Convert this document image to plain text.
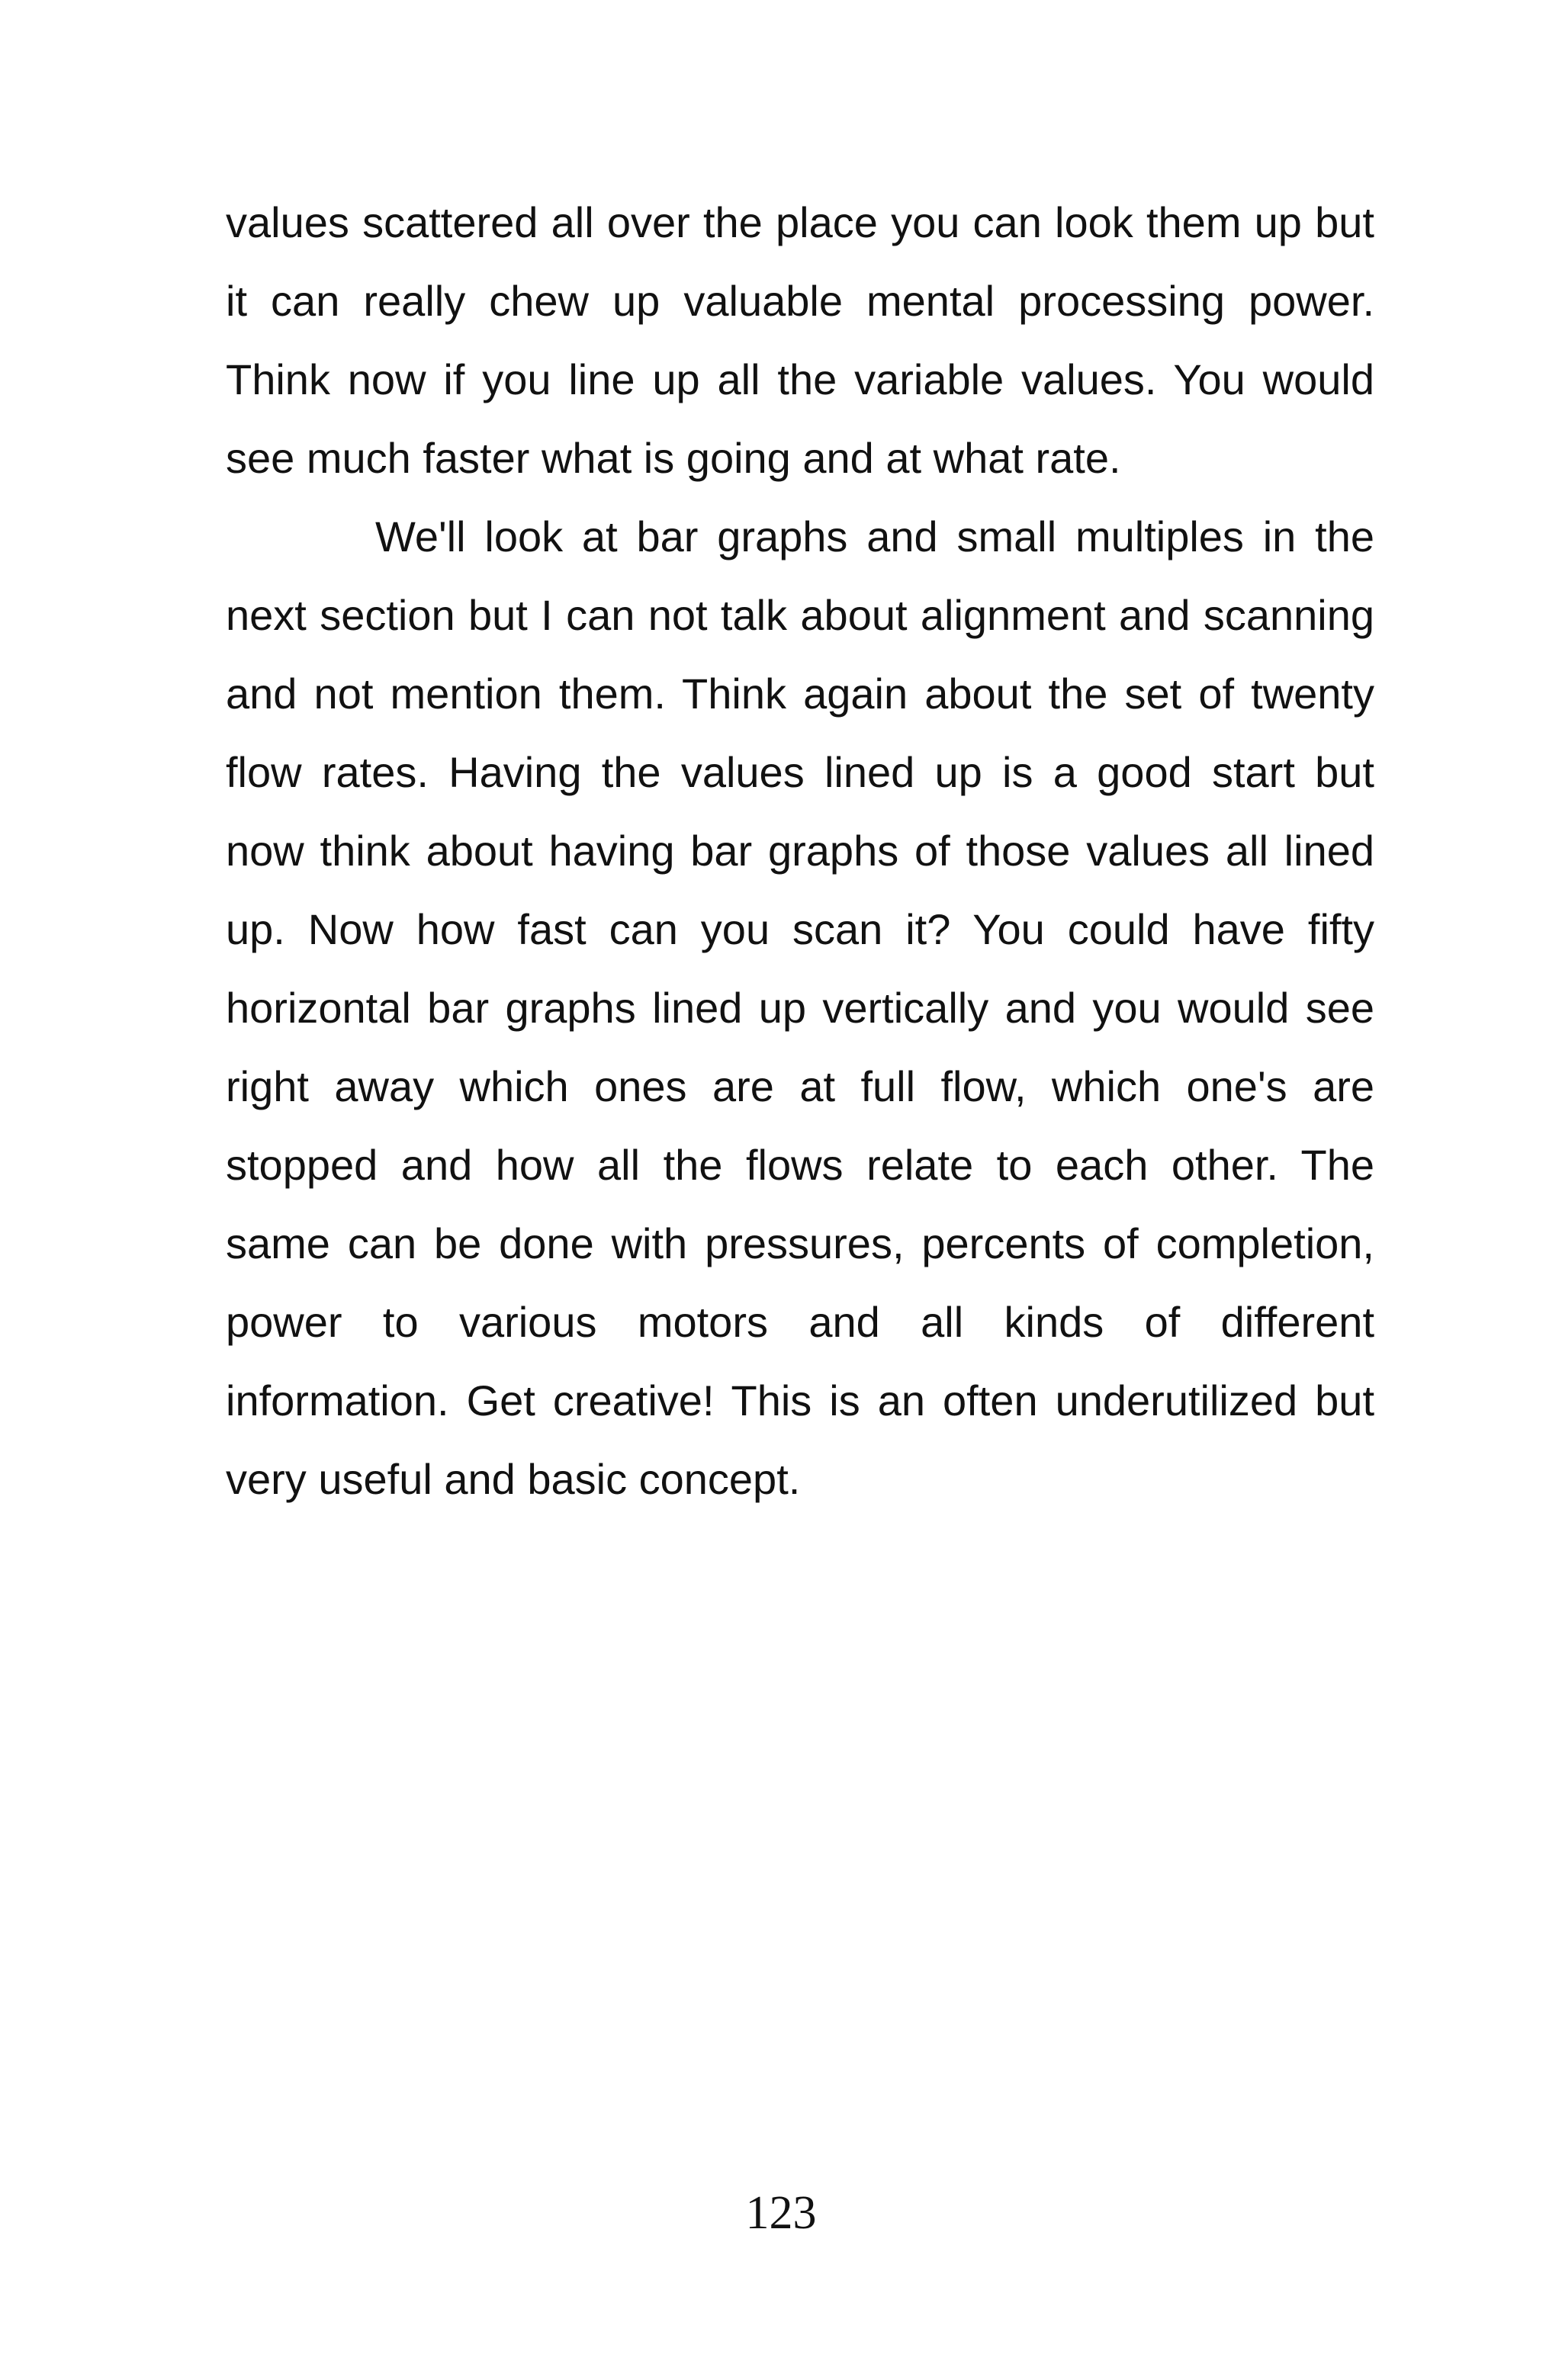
values scattered all over the place you can look them up but it can really chew up valuable mental processing power. Think now if you line up all the variable values. You would see much faster what is going and at what rate.

We'll look at bar graphs and small multiples in the next section but I can not talk about alignment and scanning and not mention them. Think again about the set of twenty flow rates. Having the values lined up is a good start but now think about having bar graphs of those values all lined up. Now how fast can you scan it? You could have fifty horizontal bar graphs lined up vertically and you would see right away which ones are at full flow, which one's are stopped and how all the flows relate to each other. The same can be done with pressures, percents of completion, power to various motors and all kinds of different information. Get creative! This is an often underutilized but very useful and basic concept.

123
